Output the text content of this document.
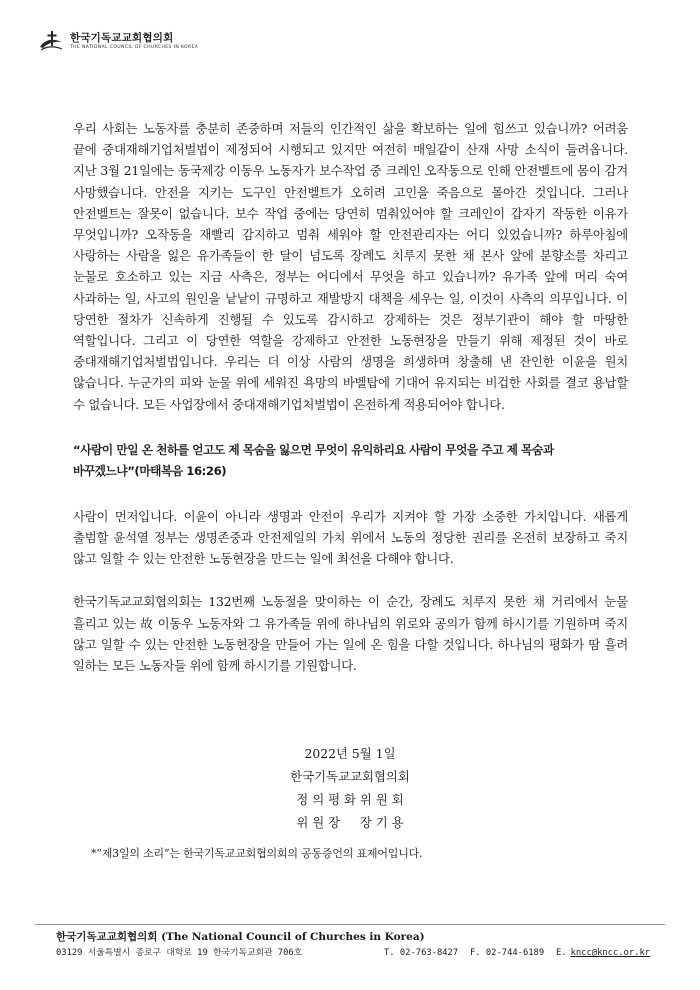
한국기독교교회협의회
THE NATIONAL COUNCIL OF CHURCHES IN KOREA

우리 사회는 노동자를 충분히 존중하며 저들의 인간적인 삶을 확보하는 일에 힘쓰고 있습니까? 어려움 끝에 중대재해기업처벌법이 제정되어 시행되고 있지만 여전히 매일같이 산재 사망 소식이 들려옵니다. 지난 3월 21일에는 동국제강 이동우 노동자가 보수작업 중 크레인 오작동으로 인해 안전벨트에 몸이 감겨 사망했습니다. 안전을 지키는 도구인 안전벨트가 오히려 고인을 죽음으로 몰아간 것입니다. 그러나 안전벨트는 잘못이 없습니다. 보수 작업 중에는 당연히 멈춰있어야 할 크레인이 갑자기 작동한 이유가 무엇입니까? 오작동을 재빨리 감지하고 멈춰 세워야 할 안전관리자는 어디 있었습니까? 하루아침에 사랑하는 사람을 잃은 유가족들이 한 달이 넘도록 장례도 치루지 못한 채 본사 앞에 분향소를 차리고 눈물로 호소하고 있는 지금 사측은, 정부는 어디에서 무엇을 하고 있습니까? 유가족 앞에 머리 숙여 사과하는 일, 사고의 원인을 낱낱이 규명하고 재발방지 대책을 세우는 일, 이것이 사측의 의무입니다. 이 당연한 절차가 신속하게 진행될 수 있도록 감시하고 강제하는 것은 정부기관이 해야 할 마땅한 역할입니다. 그리고 이 당연한 역할을 강제하고 안전한 노동현장을 만들기 위해 제정된 것이 바로 중대재해기업처벌법입니다. 우리는 더 이상 사람의 생명을 희생하며 창출해 낸 잔인한 이윤을 원치 않습니다. 누군가의 피와 눈물 위에 세워진 욕망의 바벨탑에 기대어 유지되는 비겁한 사회를 결코 용납할 수 없습니다. 모든 사업장에서 중대재해기업처벌법이 온전하게 적용되어야 합니다.

“사람이 만일 온 천하를 얻고도 제 목숨을 잃으면 무엇이 유익하리요 사람이 무엇을 주고 제 목숨과 바꾸겠느냐”(마태복음 16:26)

사람이 먼저입니다. 이윤이 아니라 생명과 안전이 우리가 지켜야 할 가장 소중한 가치입니다. 새롭게 출범할 윤석열 정부는 생명존중과 안전제일의 가치 위에서 노동의 정당한 권리를 온전히 보장하고 죽지 않고 일할 수 있는 안전한 노동현장을 만드는 일에 최선을 다해야 합니다.

한국기독교교회협의회는 132번째 노동절을 맞이하는 이 순간, 장례도 치루지 못한 채 거리에서 눈물 흘리고 있는 故 이동우 노동자와 그 유가족들 위에 하나님의 위로와 공의가 함께 하시기를 기원하며 죽지 않고 일할 수 있는 안전한 노동현장을 만들어 가는 일에 온 힘을 다할 것입니다. 하나님의 평화가 땀 흘려 일하는 모든 노동자들 위에 함께 하시기를 기원합니다.

2022년 5월 1일
한국기독교교회협의회
정 의 평 화 위 원 회
위 원 장     장 기 용
*“제3일의 소리”는 한국기독교교회협의회의 공동증언의 표제어입니다.
한국기독교교회협의회 (The National Council of Churches in Korea)
03129 서울특별시 종로구 대학로 19 한국기독교회관 706호	T. 02-763-8427	F. 02-744-6189	E. kncc@kncc.or.kr
